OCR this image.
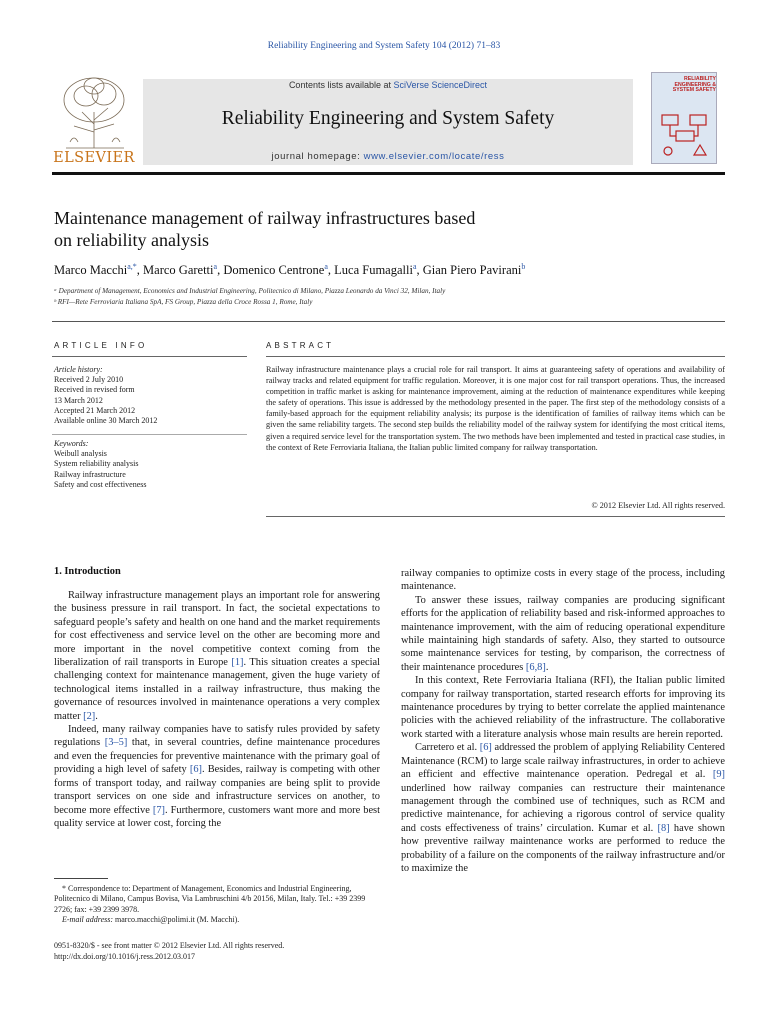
Reliability Engineering and System Safety 104 (2012) 71–83
ELSEVIER
Contents lists available at SciVerse ScienceDirect
Reliability Engineering and System Safety
journal homepage: www.elsevier.com/locate/ress
RELIABILITY ENGINEERING & SYSTEM SAFETY
Maintenance management of railway infrastructures based
on reliability analysis
Marco Macchi$^{a,*}$, Marco Garetti$^a$, Domenico Centrone$^a$, Luca Fumagalli$^a$, Gian Piero Pavirani$^b$
ᵃ Department of Management, Economics and Industrial Engineering, Politecnico di Milano, Piazza Leonardo da Vinci 32, Milan, Italy
ᵇ RFI—Rete Ferroviaria Italiana SpA, FS Group, Piazza della Croce Rossa 1, Rome, Italy
ARTICLE INFO
Article history:
Received 2 July 2010
Received in revised form
13 March 2012
Accepted 21 March 2012
Available online 30 March 2012
Keywords:
Weibull analysis
System reliability analysis
Railway infrastructure
Safety and cost effectiveness
ABSTRACT
Railway infrastructure maintenance plays a crucial role for rail transport. It aims at guaranteeing safety of operations and availability of railway tracks and related equipment for traffic regulation. Moreover, it is one major cost for rail transport operations. Thus, the increased competition in traffic market is asking for maintenance improvement, aiming at the reduction of maintenance expenditures while keeping the safety of operations. This issue is addressed by the methodology presented in the paper. The first step of the methodology consists of a family-based approach for the equipment reliability analysis; its purpose is the identification of families of railway items which can be given the same reliability targets. The second step builds the reliability model of the railway system for identifying the most critical items, given a required service level for the transportation system. The two methods have been implemented and tested in practical case studies, in the context of Rete Ferroviaria Italiana, the Italian public limited company for railway transportation.
© 2012 Elsevier Ltd. All rights reserved.
1. Introduction

Railway infrastructure management plays an important role for answering the business pressure in rail transport. In fact, the societal expectations to safeguard people’s safety and health on one hand and the market requirements for cost effectiveness and service level on the other are becoming more and more important in the novel competitive context coming from the liberalization of rail transports in Europe [1]. This situation creates a special challenging context for maintenance management, given the huge variety of technological items installed in a railway infrastructure, thus making the governance of resources involved in maintenance operations a very complex matter [2].

Indeed, many railway companies have to satisfy rules provided by safety regulations [3–5] that, in several countries, define maintenance procedures and even the frequencies for preventive maintenance with the primary goal of providing a high level of safety [6]. Besides, railway is competing with other forms of transport today, and railway companies are being split to provide transport services on one side and infrastructure services on another, to become more effective [7]. Furthermore, customers want more and more best quality service at lower cost, forcing the

railway companies to optimize costs in every stage of the process, including maintenance.

To answer these issues, railway companies are producing significant efforts for the application of reliability based and risk-informed approaches to maintenance improvement, with the aim of reducing operational expenditure while maintaining high standards of safety. Also, they started to outsource some maintenance services for testing, by comparison, the correctness of their maintenance procedures [6,8].

In this context, Rete Ferroviaria Italiana (RFI), the Italian public limited company for railway transportation, started research efforts for improving its maintenance procedures by trying to better correlate the applied maintenance policies with the achieved reliability of the infrastructure. The collaborative work started with a literature analysis whose main results are herein reported.

Carretero et al. [6] addressed the problem of applying Reliability Centered Maintenance (RCM) to large scale railway infrastructures, in order to achieve an efficient and effective maintenance operation. Pedregal et al. [9] underlined how railway companies can restructure their maintenance management through the combined use of techniques, such as RCM and predictive maintenance, for achieving a rigorous control of service quality and costs effectiveness of trains’ circulation. Kumar et al. [8] have shown how preventive railway maintenance works are performed to reduce the probability of a failure on the components of the railway infrastructure and/or to maximize the

* Correspondence to: Department of Management, Economics and Industrial Engineering, Politecnico di Milano, Campus Bovisa, Via Lambruschini 4/b 20156, Milan, Italy. Tel.: +39 2399 2726; fax: +39 2399 3978.

E-mail address: marco.macchi@polimi.it (M. Macchi).

0951-8320/$ - see front matter © 2012 Elsevier Ltd. All rights reserved.
http://dx.doi.org/10.1016/j.ress.2012.03.017
